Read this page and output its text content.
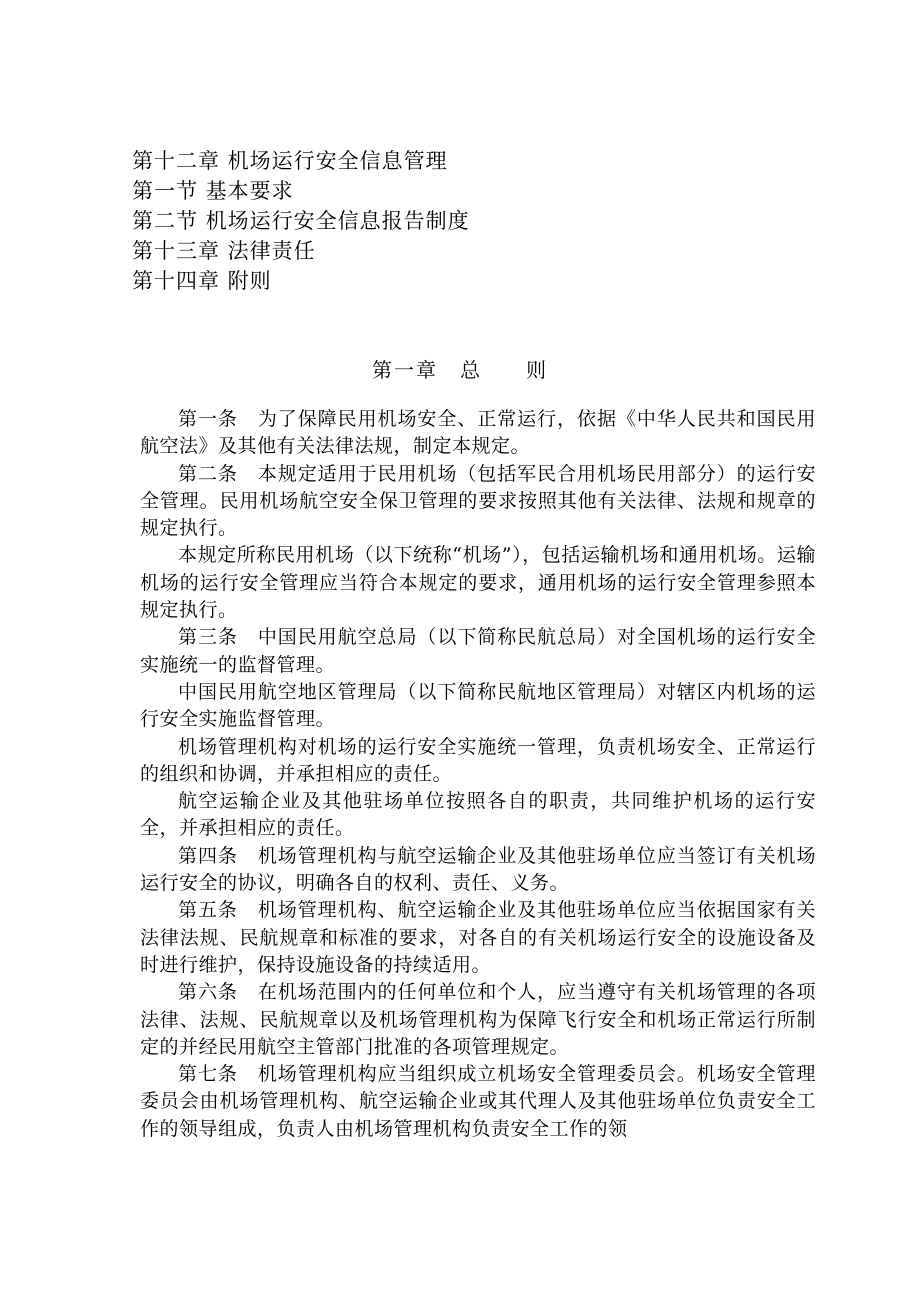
第十二章 机场运行安全信息管理
第一节 基本要求
第二节 机场运行安全信息报告制度
第十三章 法律责任
第十四章 附则
第一章　总　　则

第一条　为了保障民用机场安全、正常运行，依据《中华人民共和国民用航空法》及其他有关法律法规，制定本规定。

第二条　本规定适用于民用机场（包括军民合用机场民用部分）的运行安全管理。民用机场航空安全保卫管理的要求按照其他有关法律、法规和规章的规定执行。

本规定所称民用机场（以下统称“机场”），包括运输机场和通用机场。运输机场的运行安全管理应当符合本规定的要求，通用机场的运行安全管理参照本规定执行。

第三条　中国民用航空总局（以下简称民航总局）对全国机场的运行安全实施统一的监督管理。

中国民用航空地区管理局（以下简称民航地区管理局）对辖区内机场的运行安全实施监督管理。

机场管理机构对机场的运行安全实施统一管理，负责机场安全、正常运行的组织和协调，并承担相应的责任。

航空运输企业及其他驻场单位按照各自的职责，共同维护机场的运行安全，并承担相应的责任。

第四条　机场管理机构与航空运输企业及其他驻场单位应当签订有关机场运行安全的协议，明确各自的权利、责任、义务。

第五条　机场管理机构、航空运输企业及其他驻场单位应当依据国家有关法律法规、民航规章和标准的要求，对各自的有关机场运行安全的设施设备及时进行维护，保持设施设备的持续适用。

第六条　在机场范围内的任何单位和个人，应当遵守有关机场管理的各项法律、法规、民航规章以及机场管理机构为保障飞行安全和机场正常运行所制定的并经民用航空主管部门批准的各项管理规定。

第七条　机场管理机构应当组织成立机场安全管理委员会。机场安全管理委员会由机场管理机构、航空运输企业或其代理人及其他驻场单位负责安全工作的领导组成，负责人由机场管理机构负责安全工作的领
